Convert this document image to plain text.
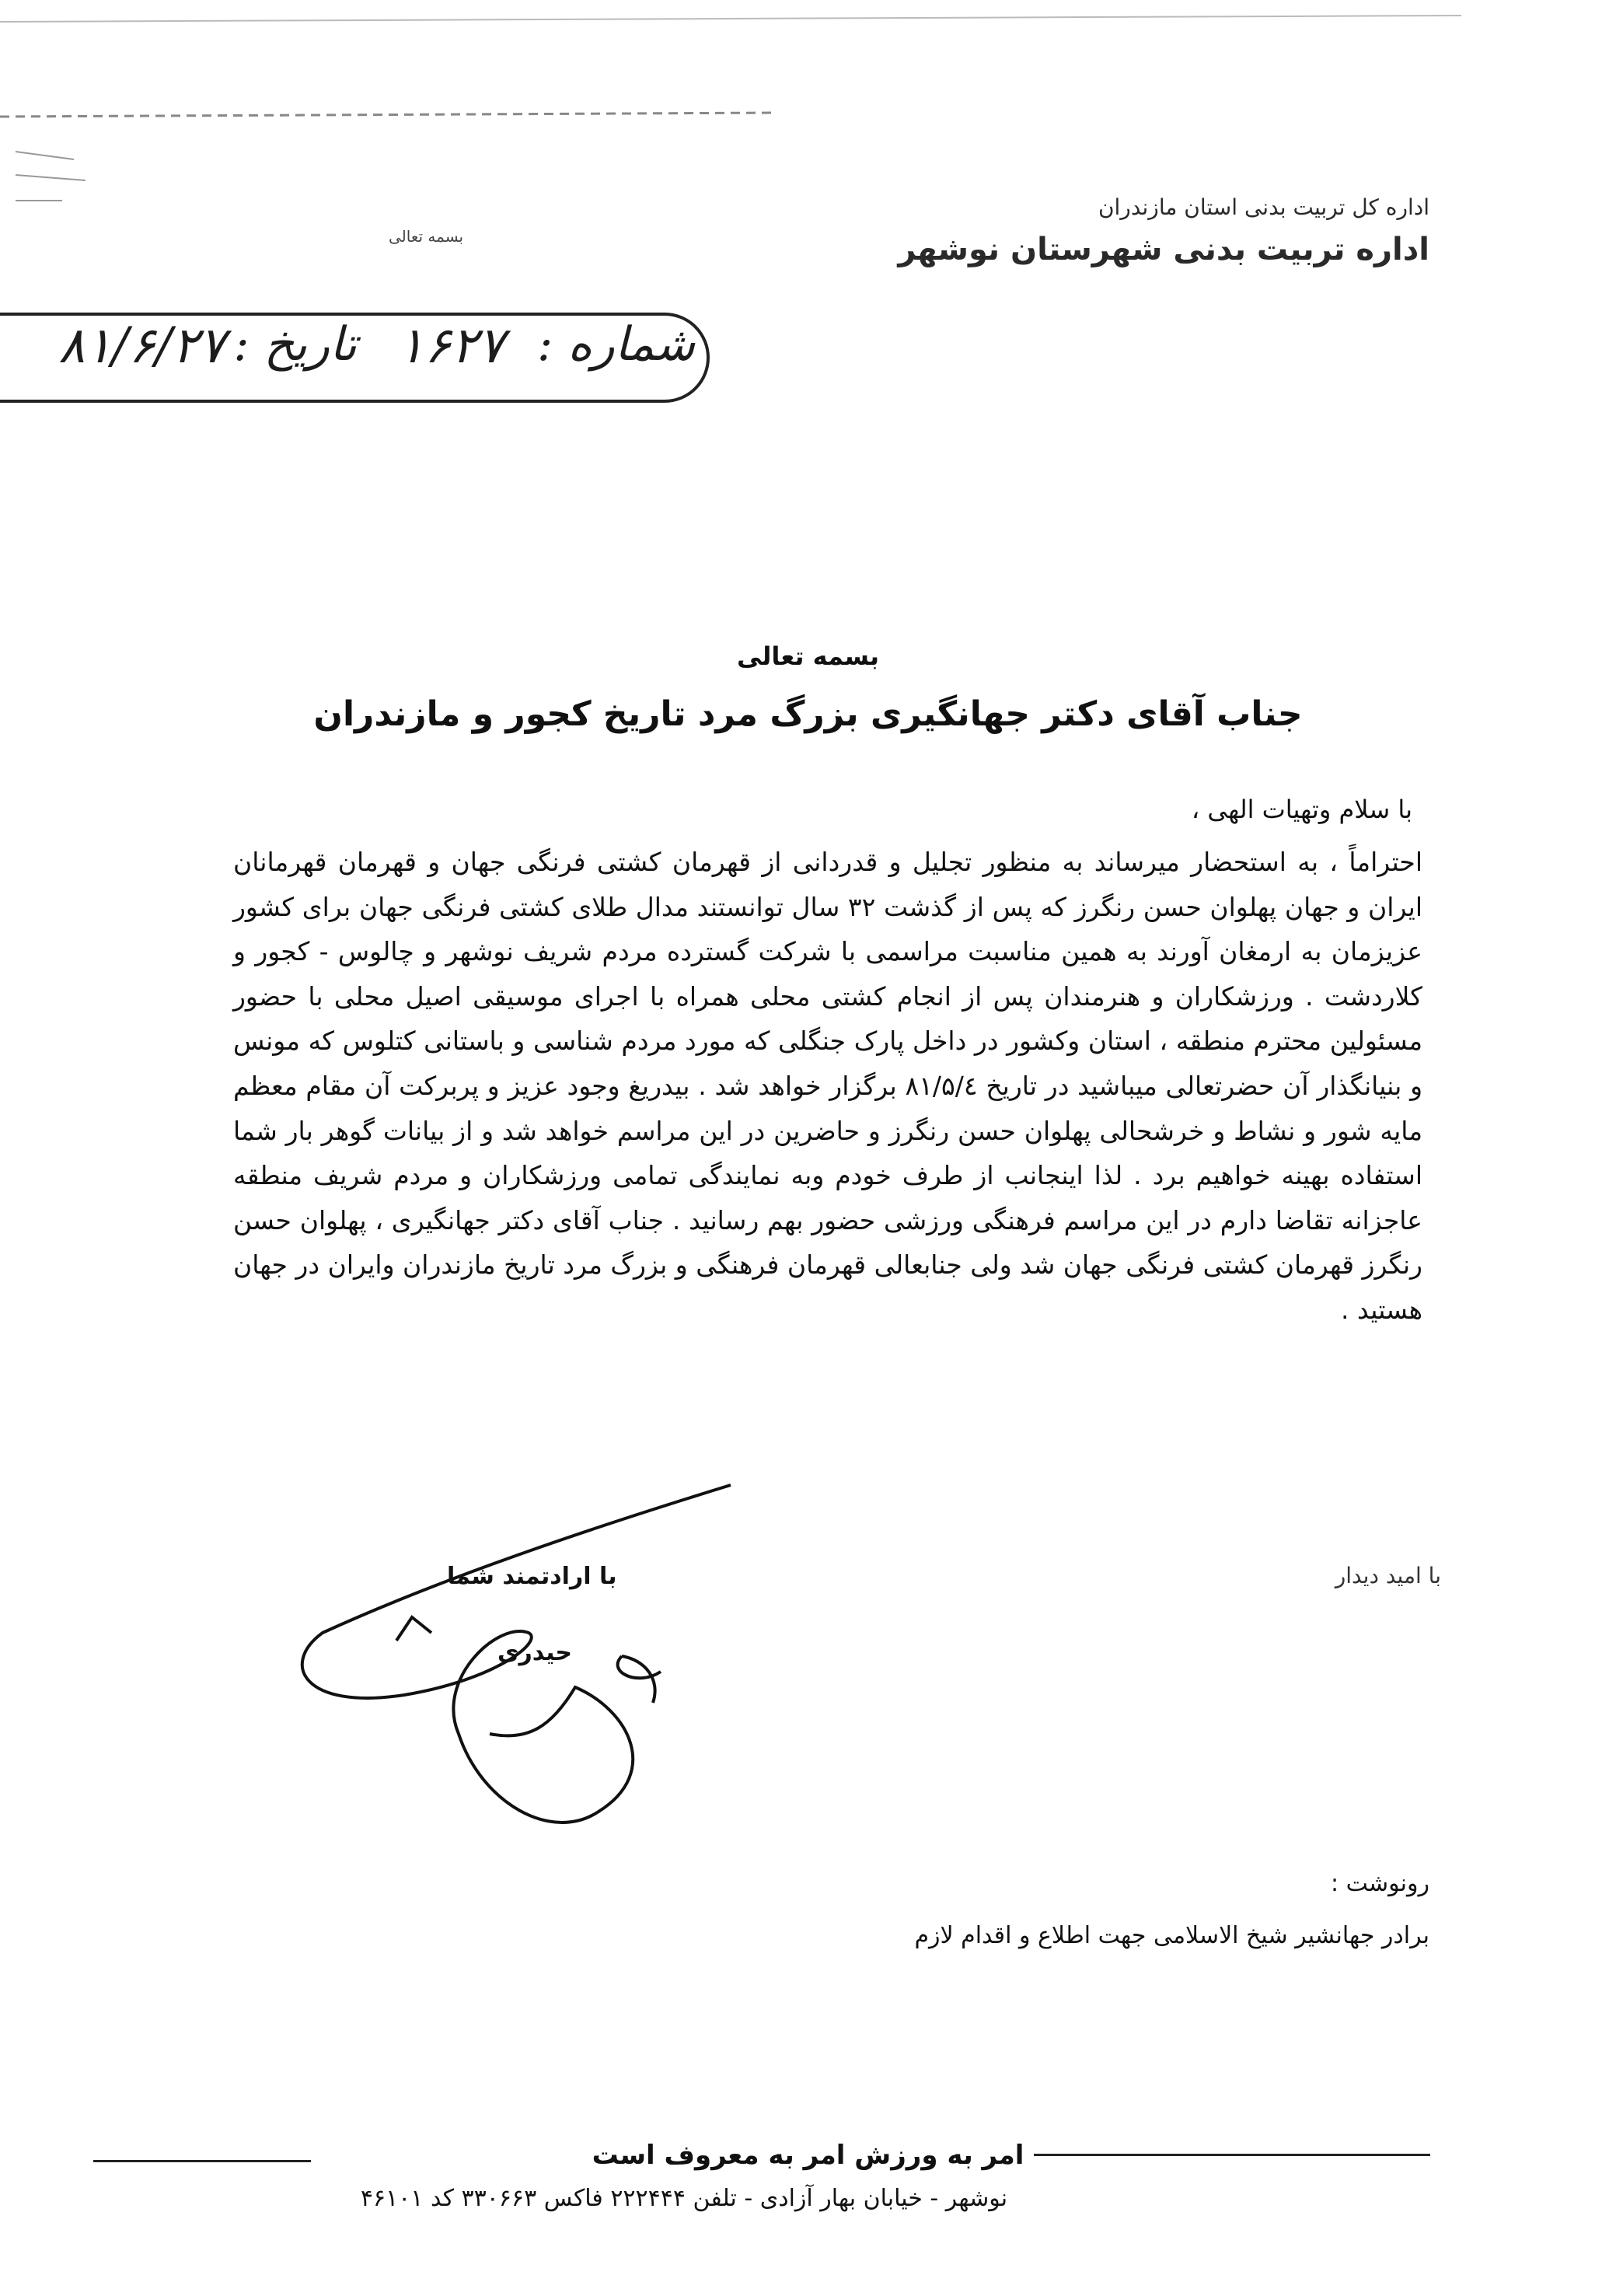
اداره کل تربیت بدنی استان مازندران
اداره تربیت بدنی شهرستان نوشهر
بسمه تعالی
شماره :
۱۶۲۷
تاریخ :
۸۱/۶/۲۷
بسمه تعالی
جناب آقای دکتر جهانگیری بزرگ مرد تاریخ کجور و مازندران
با سلام وتهیات الهی ،
احتراماً ، به استحضار میرساند به منظور تجلیل و قدردانی از قهرمان کشتی فرنگی جهان و قهرمان قهرمانان ایران و جهان پهلوان حسن رنگرز که پس از گذشت ۳۲ سال توانستند مدال طلای کشتی فرنگی جهان برای کشور عزیزمان به ارمغان آورند به همین مناسبت مراسمی با شرکت گسترده مردم شریف نوشهر و چالوس - کجور و کلاردشت . ورزشکاران و هنرمندان پس از انجام کشتی محلی همراه با اجرای موسیقی اصیل محلی با حضور مسئولین محترم منطقه ، استان وکشور در داخل پارک جنگلی که مورد مردم شناسی و باستانی کتلوس که مونس و بنیانگذار آن حضرتعالی میباشید در تاریخ ۸۱/۵/٤ برگزار خواهد شد . بیدریغ وجود عزیز و پربرکت آن مقام معظم مایه شور و نشاط و خرشحالی پهلوان حسن رنگرز و حاضرین در این مراسم خواهد شد و از بیانات گوهر بار شما استفاده بهینه خواهیم برد . لذا اینجانب از طرف خودم وبه نمایندگی تمامی ورزشکاران و مردم شریف منطقه عاجزانه تقاضا دارم در این مراسم فرهنگی ورزشی حضور بهم رسانید . جناب آقای دکتر جهانگیری ، پهلوان حسن رنگرز قهرمان کشتی فرنگی جهان شد ولی جنابعالی قهرمان فرهنگی و بزرگ مرد تاریخ مازندران وایران در جهان هستید .
با امید دیدار
با ارادتمند شما
حیدری
رونوشت :
برادر جهانشیر شیخ الاسلامی جهت اطلاع و اقدام لازم
امر به ورزش امر به معروف است
نوشهر - خیابان بهار آزادی - تلفن ۲۲۲۴۴۴ فاکس ۳۳۰۶۶۳ کد ۴۶۱۰۱
